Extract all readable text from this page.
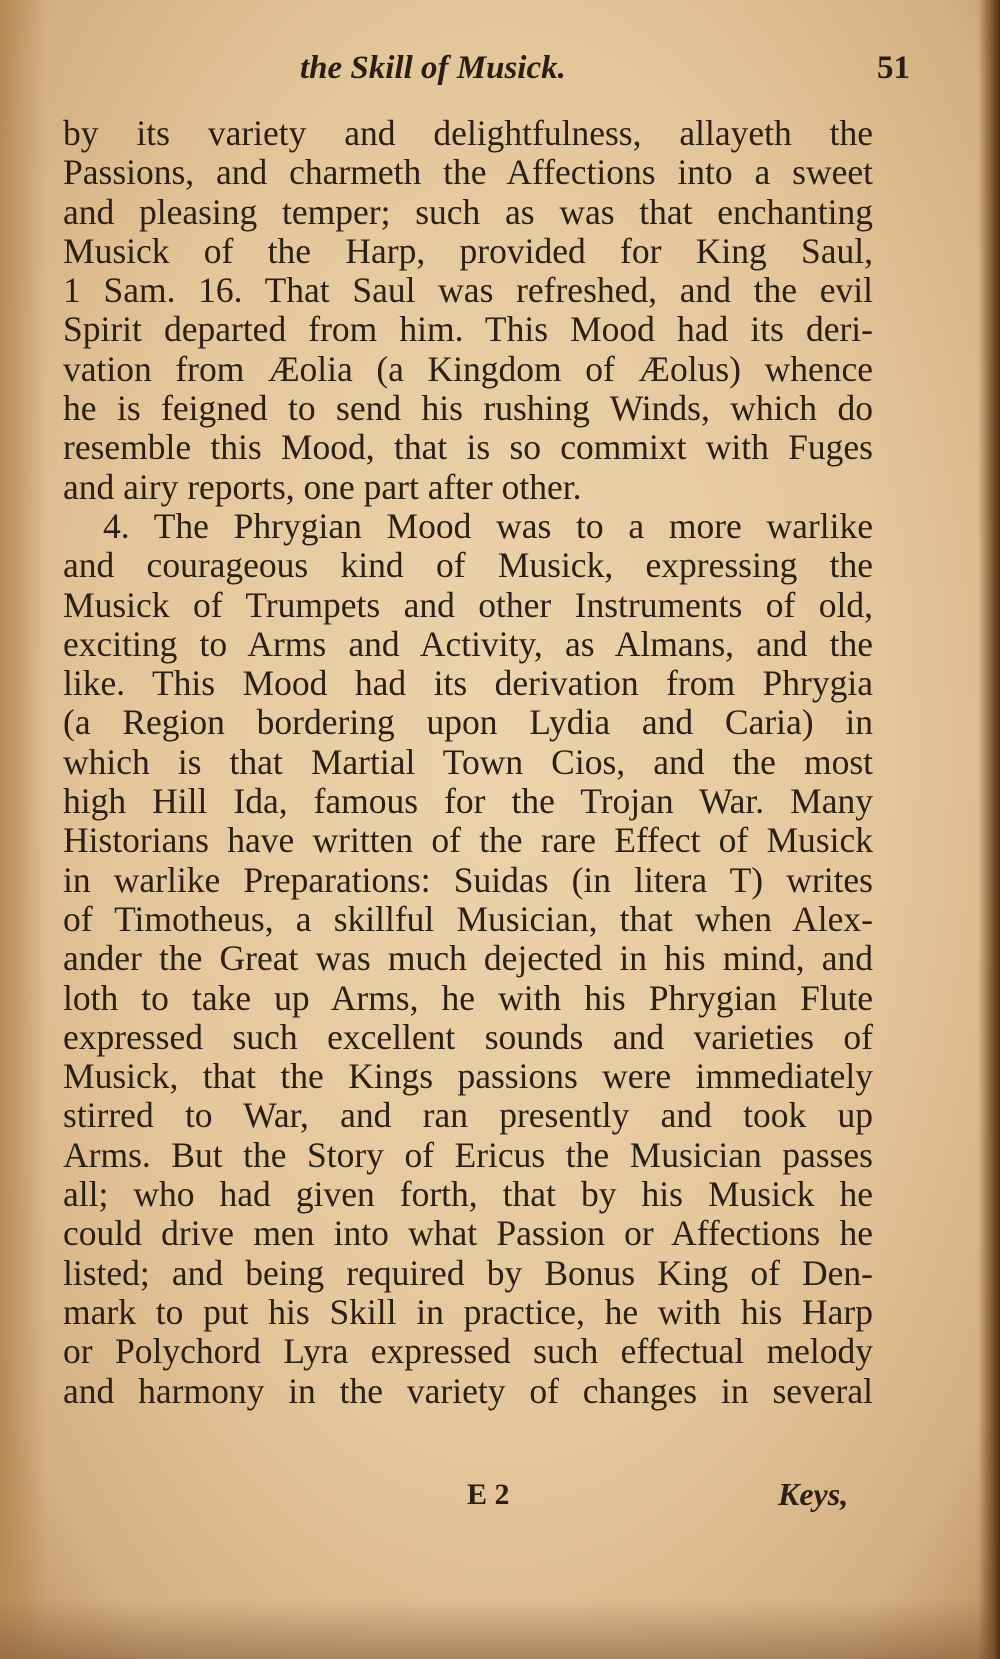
the Skill of Musick.	51
by its variety and delightfulness, allayeth the
Passions, and charmeth the Affections into a sweet
and pleasing temper; such as was that enchanting
Musick of the Harp, provided for King Saul,
1 Sam. 16. That Saul was refreshed, and the evil
Spirit departed from him. This Mood had its deri-
vation from Æolia (a Kingdom of Æolus) whence
he is feigned to send his rushing Winds, which do
resemble this Mood, that is so commixt with Fuges
and airy reports, one part after other.
4. The Phrygian Mood was to a more warlike
and courageous kind of Musick, expressing the
Musick of Trumpets and other Instruments of old,
exciting to Arms and Activity, as Almans, and the
like. This Mood had its derivation from Phrygia
(a Region bordering upon Lydia and Caria) in
which is that Martial Town Cios, and the most
high Hill Ida, famous for the Trojan War. Many
Historians have written of the rare Effect of Musick
in warlike Preparations: Suidas (in litera T) writes
of Timotheus, a skillful Musician, that when Alex-
ander the Great was much dejected in his mind, and
loth to take up Arms, he with his Phrygian Flute
expressed such excellent sounds and varieties of
Musick, that the Kings passions were immediately
stirred to War, and ran presently and took up
Arms. But the Story of Ericus the Musician passes
all; who had given forth, that by his Musick he
could drive men into what Passion or Affections he
listed; and being required by Bonus King of Den-
mark to put his Skill in practice, he with his Harp
or Polychord Lyra expressed such effectual melody
and harmony in the variety of changes in several
E 2	Keys,
